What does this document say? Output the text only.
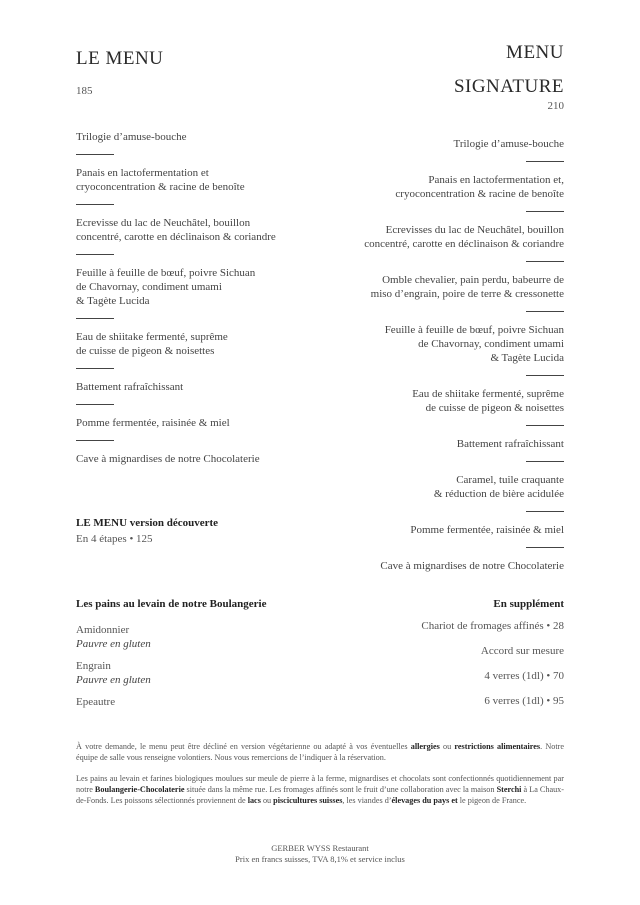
LE MENU
185
MENU
SIGNATURE
210
Trilogie d’amuse-bouche
Panais en lactofermentation et
cryoconcentration & racine de benoîte
Ecrevisse du lac de Neuchâtel, bouillon
concentré, carotte en déclinaison & coriandre
Feuille à feuille de bœuf, poivre Sichuan
de Chavornay, condiment umami
& Tagète Lucida
Eau de shiitake fermenté, suprême
de cuisse de pigeon & noisettes
Battement rafraîchissant
Pomme fermentée, raisinée & miel
Cave à mignardises de notre Chocolaterie
Trilogie d’amuse-bouche
Panais en lactofermentation et,
cryoconcentration & racine de benoîte
Ecrevisses du lac de Neuchâtel, bouillon
concentré, carotte en déclinaison & coriandre
Omble chevalier, pain perdu, babeurre de
miso d’engrain, poire de terre & cressonette
Feuille à feuille de bœuf, poivre Sichuan
de Chavornay, condiment umami
& Tagète Lucida
Eau de shiitake fermenté, suprême
de cuisse de pigeon & noisettes
Battement rafraîchissant
Caramel, tuile craquante
& réduction de bière acidulée
Pomme fermentée, raisinée & miel
Cave à mignardises de notre Chocolaterie
LE MENU version découverte
En 4 étapes • 125
Les pains au levain de notre Boulangerie
Amidonnier
Pauvre en gluten
Engrain
Pauvre en gluten
Epeautre
En supplément
Chariot de fromages affinés • 28
Accord sur mesure
4 verres (1dl) • 70
6 verres (1dl) • 95

À votre demande, le menu peut être décliné en version végétarienne ou adapté à vos éventuelles allergies ou restrictions alimentaires. Notre équipe de salle vous renseigne volontiers. Nous vous remercions de l’indiquer à la réservation.

Les pains au levain et farines biologiques moulues sur meule de pierre à la ferme, mignardises et chocolats sont confectionnés quotidiennement par notre Boulangerie-Chocolaterie située dans la même rue. Les fromages affinés sont le fruit d’une collaboration avec la maison Sterchi à La Chaux-de-Fonds. Les poissons sélectionnés proviennent de lacs ou piscicultures suisses, les viandes d’élevages du pays et le pigeon de France.

GERBER WYSS Restaurant
Prix en francs suisses, TVA 8,1% et service inclus
